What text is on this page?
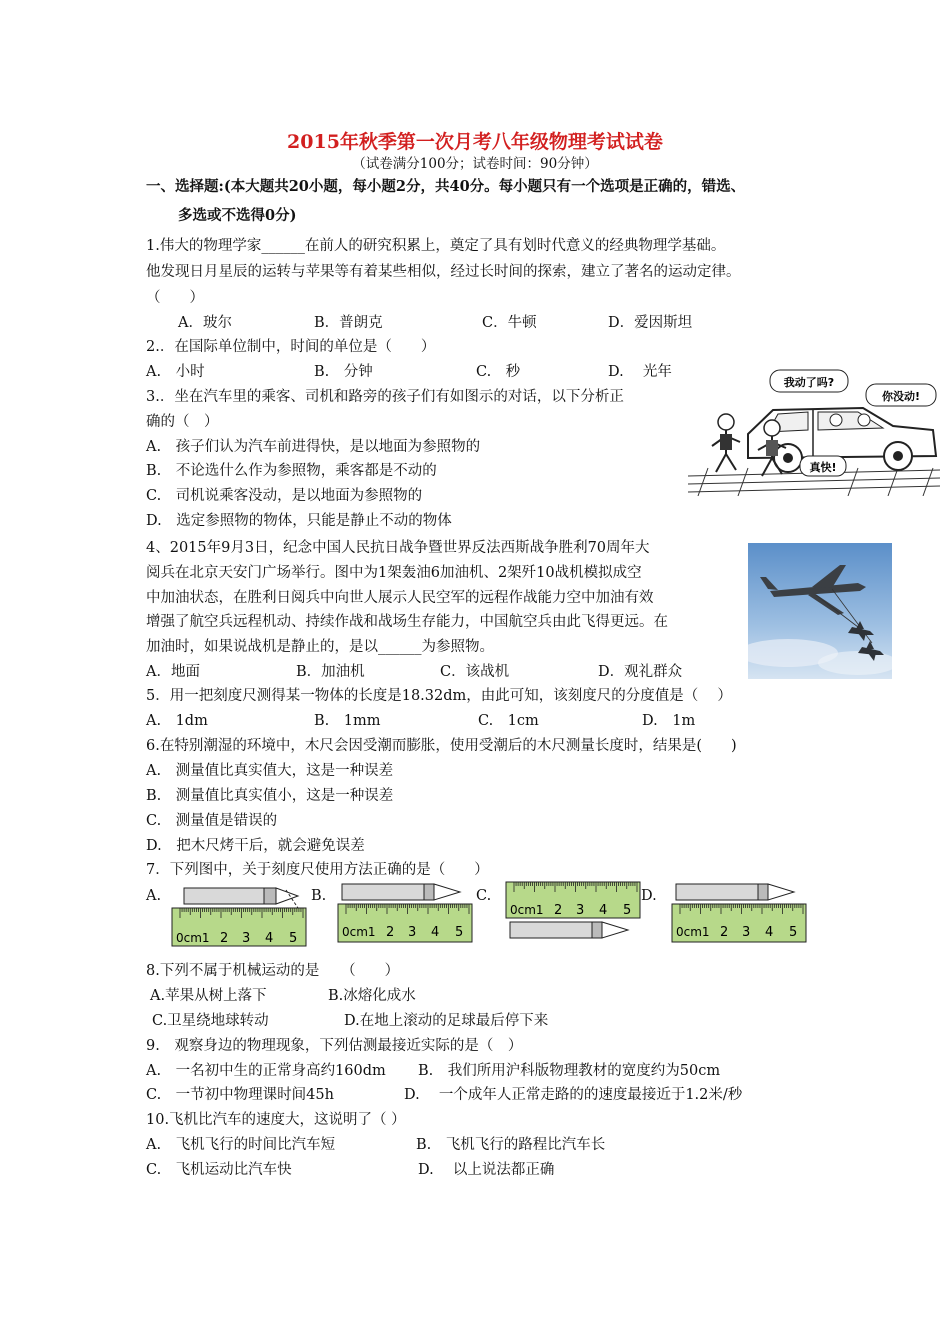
2015年秋季第一次月考八年级物理考试试卷
（试卷满分100分；试卷时间：90分钟）
一、选择题:(本大题共20小题，每小题2分，共40分。每小题只有一个选项是正确的，错选、
多选或不选得0分)
1.伟大的物理学家______在前人的研究积累上，奠定了具有划时代意义的经典物理学基础。
他发现日月星辰的运转与苹果等有着某些相似，经过长时间的探索，建立了著名的运动定律。
（　　）
A．玻尔	B．普朗克	C．牛顿	D．爱因斯坦
2.．在国际单位制中，时间的单位是（　　）
A.　小时	B.　分钟	C.　秒	D.　 光年
3.．坐在汽车里的乘客、司机和路旁的孩子们有如图示的对话，以下分析正
确的（　）
A.　孩子们认为汽车前进得快，是以地面为参照物的
B.　不论选什么作为参照物，乘客都是不动的
C.　司机说乘客没动，是以地面为参照物的
D.　选定参照物的物体，只能是静止不动的物体
我动了吗?
你没动!
真快!
4、2015年9月3日，纪念中国人民抗日战争暨世界反法西斯战争胜利70周年大
阅兵在北京天安门广场举行。图中为1架轰油6加油机、2架歼10战机模拟成空
中加油状态，在胜利日阅兵中向世人展示人民空军的远程作战能力空中加油有效
增强了航空兵远程机动、持续作战和战场生存能力，中国航空兵由此飞得更远。在
加油时，如果说战机是静止的，是以______为参照物。
A．地面	B．加油机	C．该战机	D．观礼群众
5．用一把刻度尺测得某一物体的长度是18.32dm，由此可知，该刻度尺的分度值是（　 ）
A.　1dm	B.　1mm	C.　1cm	D.　1m
6.在特别潮湿的环境中，木尺会因受潮而膨胀，使用受潮后的木尺测量长度时，结果是(　　)
A.　测量值比真实值大，这是一种误差
B.　测量值比真实值小，这是一种误差
C.　测量值是错误的
D.　把木尺烤干后，就会避免误差
7．下列图中，关于刻度尺使用方法正确的是（　　）
A.	B.	C.	D.
0cm1 2 3 4 5	0cm1 2 3 4 5
0cm1 2 3 4 5
0cm1 2 3 4 5
8.下列不属于机械运动的是　　（　　）
A.苹果从树上落下	B.冰熔化成水
C.卫星绕地球转动	D.在地上滚动的足球最后停下来
9.　观察身边的物理现象，下列估测最接近实际的是（　）
A.　一名初中生的正常身高约160dm B.　我们所用沪科版物理教材的宽度约为50cm
C.　一节初中物理课时间45h	D.　 一个成年人正常走路的的速度最接近于1.2米/秒
10.飞机比汽车的速度大，这说明了（ ）
A.　飞机飞行的时间比汽车短	B.　飞机飞行的路程比汽车长
C.　飞机运动比汽车快	D.　 以上说法都正确
